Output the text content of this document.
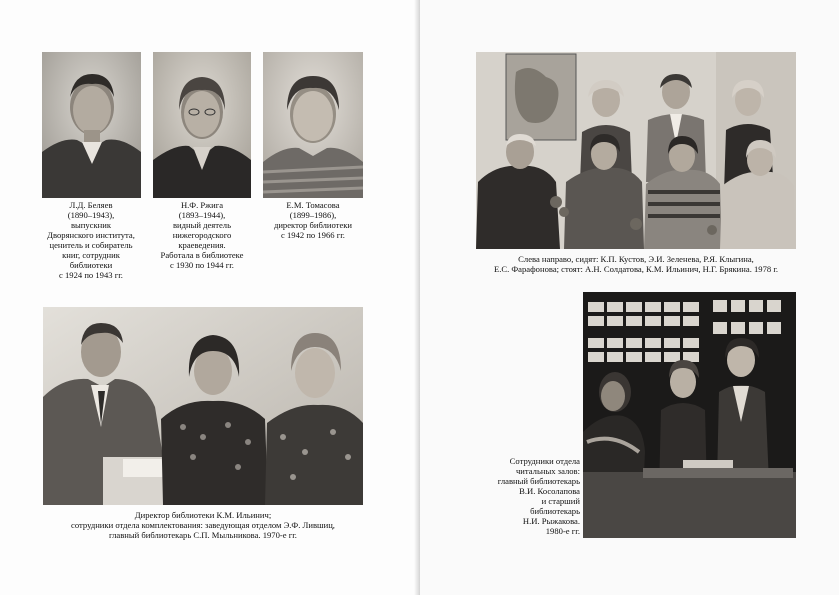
Л.Д. Беляев
(1890–1943),
выпускник
Дворянского института,
ценитель и собиратель
книг, сотрудник
библиотеки
с 1924 по 1943 гг.
Н.Ф. Ржига
(1893–1944),
видный деятель
нижегородского
краеведения.
Работала в библиотеке
с 1930 по 1944 гг.
Е.М. Томасова
(1899–1986),
директор библиотеки
с 1942 по 1966 гг.
Директор библиотеки К.М. Ильинич;
сотрудники отдела комплектования: заведующая отделом Э.Ф. Лившиц,
главный библиотекарь С.П. Мыльникова. 1970-е гг.
Слева направо, сидят: К.П. Кустов, Э.И. Зеленева, Р.Я. Клыгина,
Е.С. Фарафонова; стоят: А.Н. Солдатова, К.М. Ильинич, Н.Г. Брякина. 1978 г.
Сотрудники отдела
читальных залов:
главный библиотекарь
В.И. Косолапова
и старший
библиотекарь
Н.И. Рыжакова.
1980-е гг.
